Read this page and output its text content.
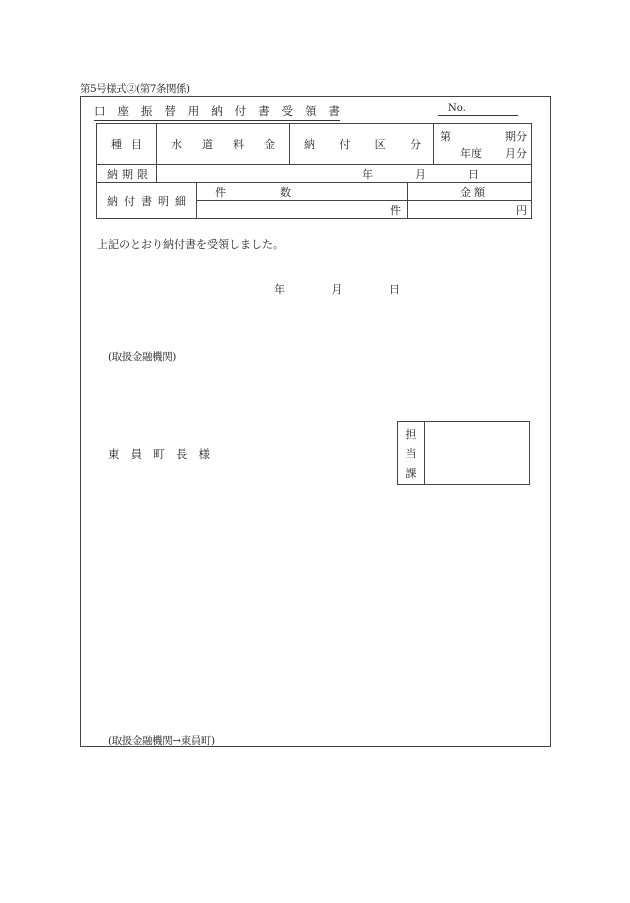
第5号様式②(第7条関係)
口 座 振 替 用 納 付 書 受 領 書	No.
種 目	水 道 料 金		納 付 区 分		第 期分
年度 月分

納 期 限	年 月 日				

納 付 書 明 細		件 数		金 額	

		件		円	
上記のとおり納付書を受領しました。
年	月	日
(取扱金融機関)
東 員 町 長 様
担
当
課
(取扱金融機関→東員町)
